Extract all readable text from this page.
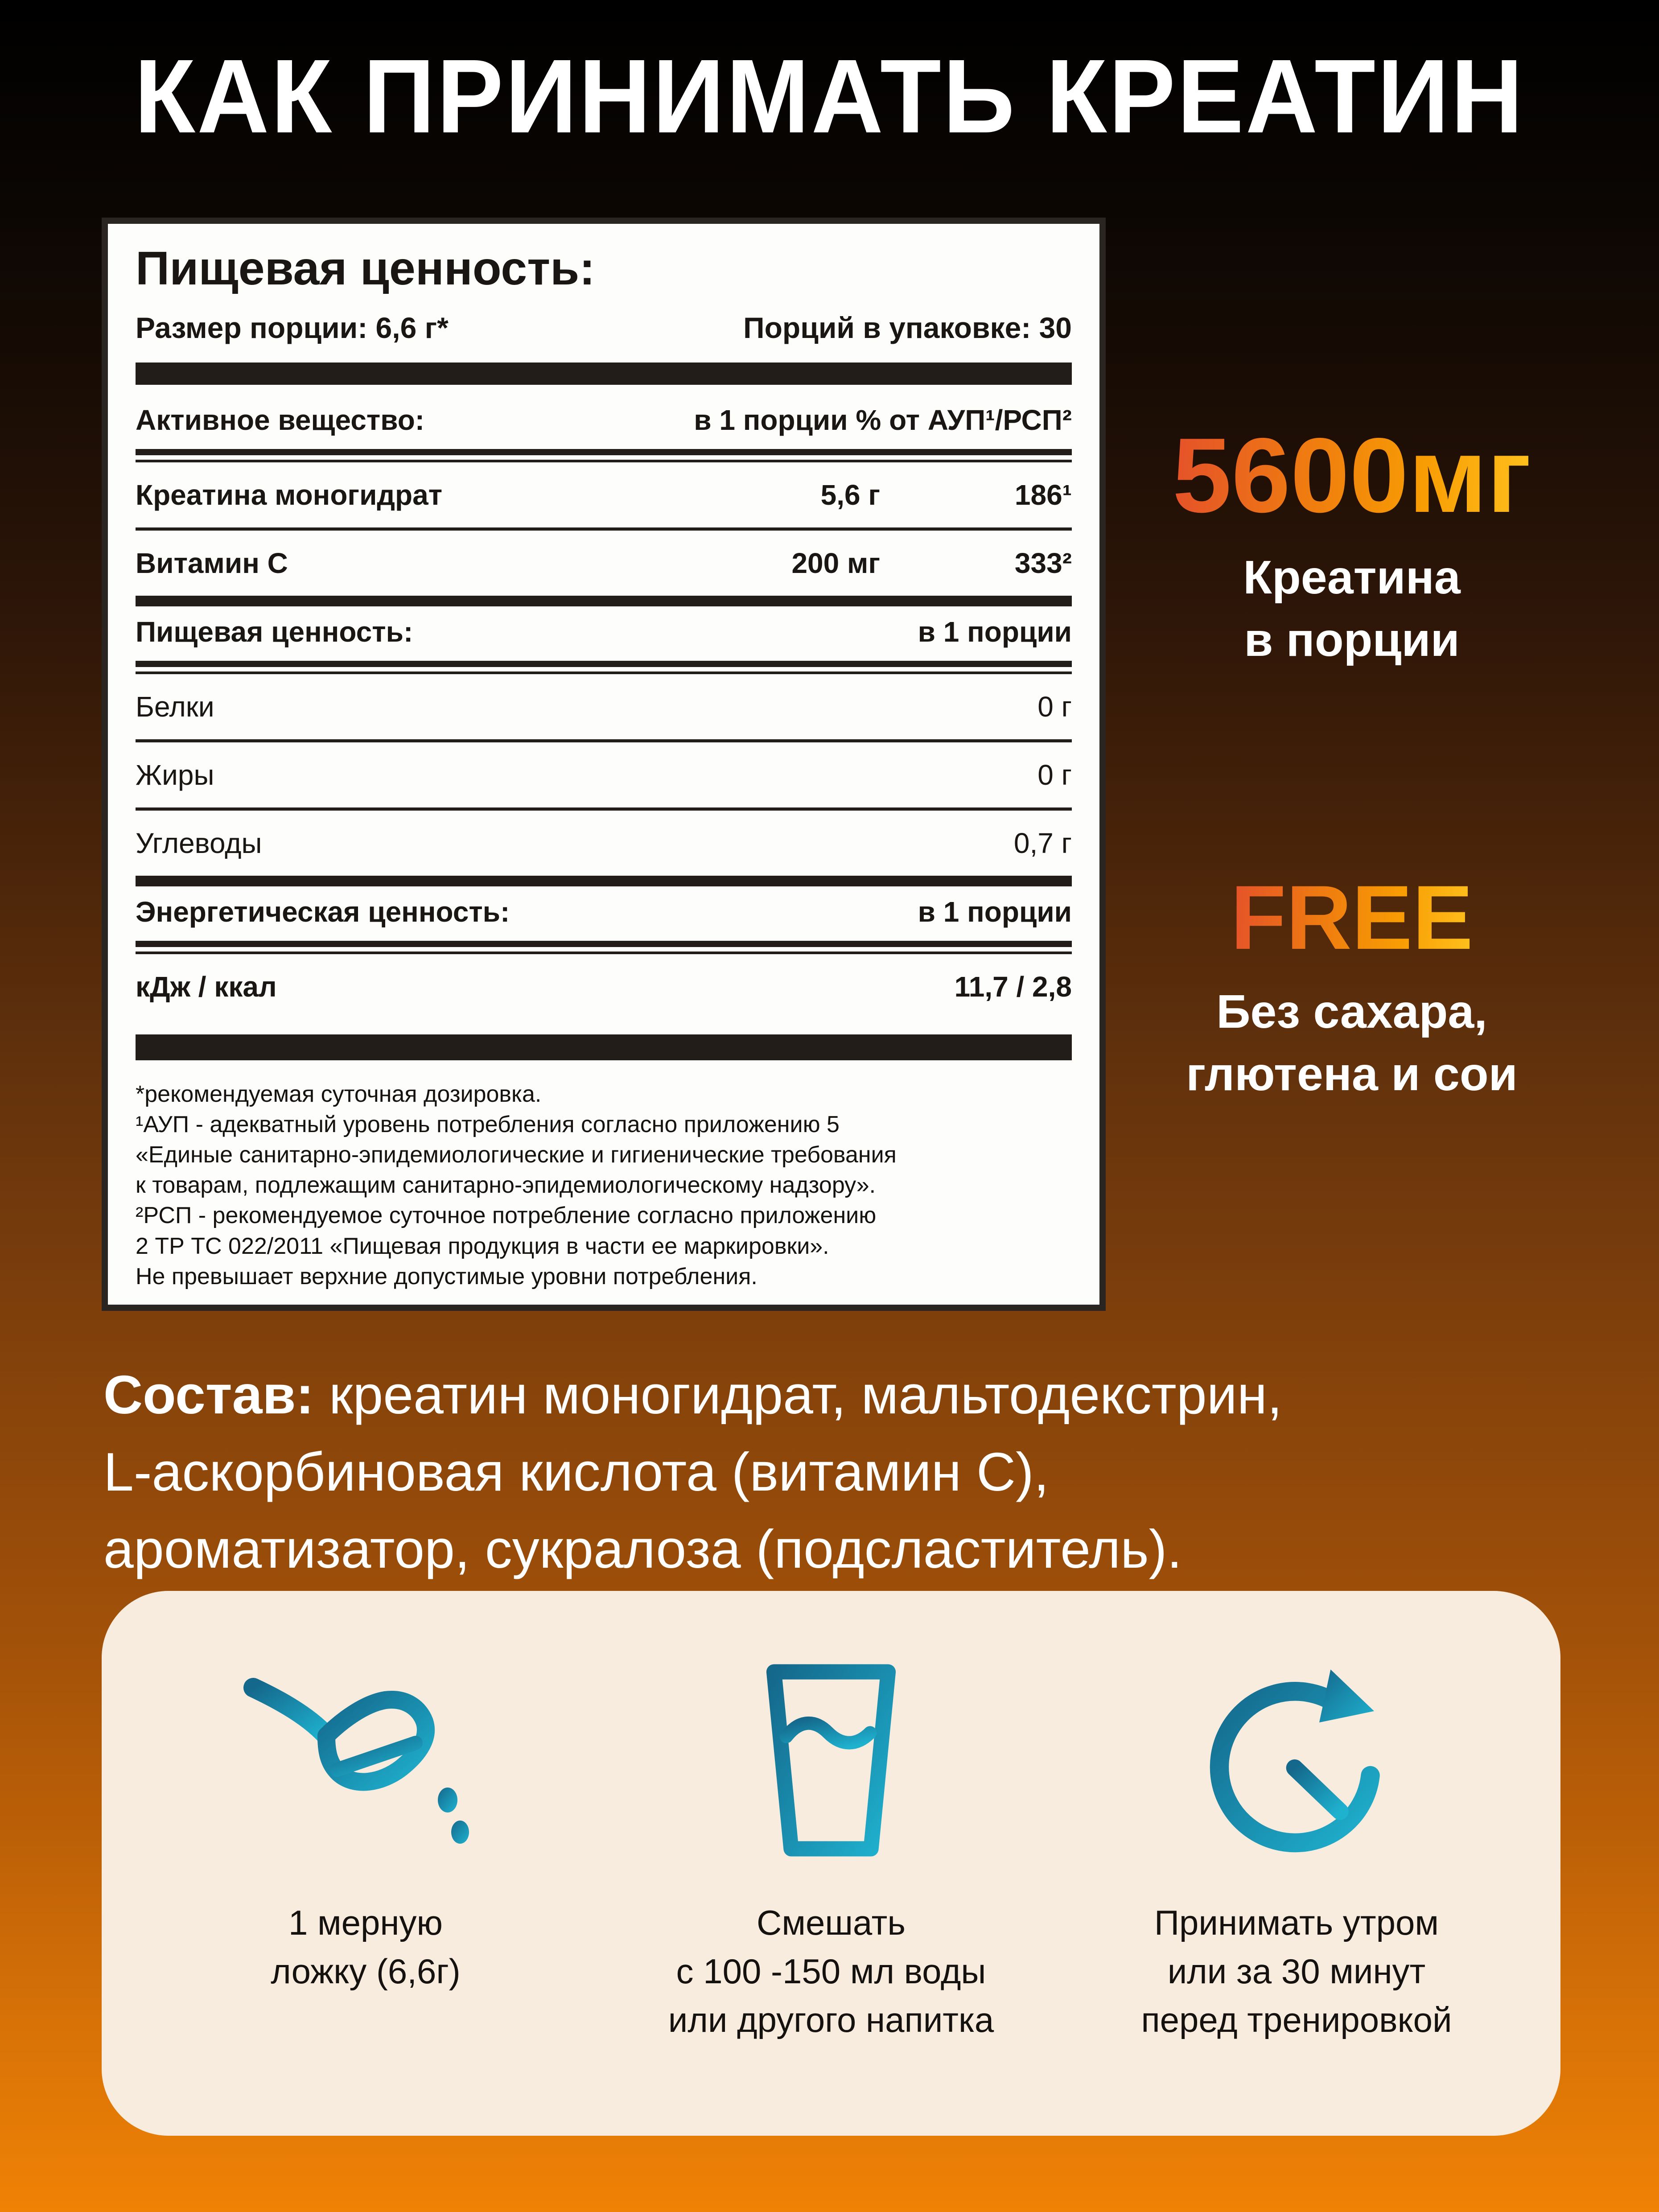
КАК ПРИНИМАТЬ КРЕАТИН
Пищевая ценность:
Размер порции: 6,6 г*	Порций в упаковке: 30
Активное вещество:	в 1 порции % от АУП¹/РСП²
Креатина моногидрат	5,6 г	186¹
Витамин C	200 мг	333²
Пищевая ценность:	в 1 порции
Белки	0 г
Жиры	0 г
Углеводы	0,7 г
Энергетическая ценность:	в 1 порции
кДж / ккал	11,7 / 2,8
*рекомендуемая суточная дозировка.
¹АУП - адекватный уровень потребления согласно приложению 5
«Единые санитарно-эпидемиологические и гигиенические требования
к товарам, подлежащим санитарно-эпидемиологическому надзору».
²РСП - рекомендуемое суточное потребление согласно приложению
2 ТР ТС 022/2011 «Пищевая продукция в части ее маркировки».
Не превышает верхние допустимые уровни потребления.
5600мг
Креатина
в порции
FREE
Без сахара,
глютена и сои
Состав: креатин моногидрат, мальтодекстрин,
L-аскорбиновая кислота (витамин C),
ароматизатор, сукралоза (подсластитель).
1 мерную
ложку (6,6г)
Смешать
с 100 -150 мл воды
или другого напитка
Принимать утром
или за 30 минут
перед тренировкой
